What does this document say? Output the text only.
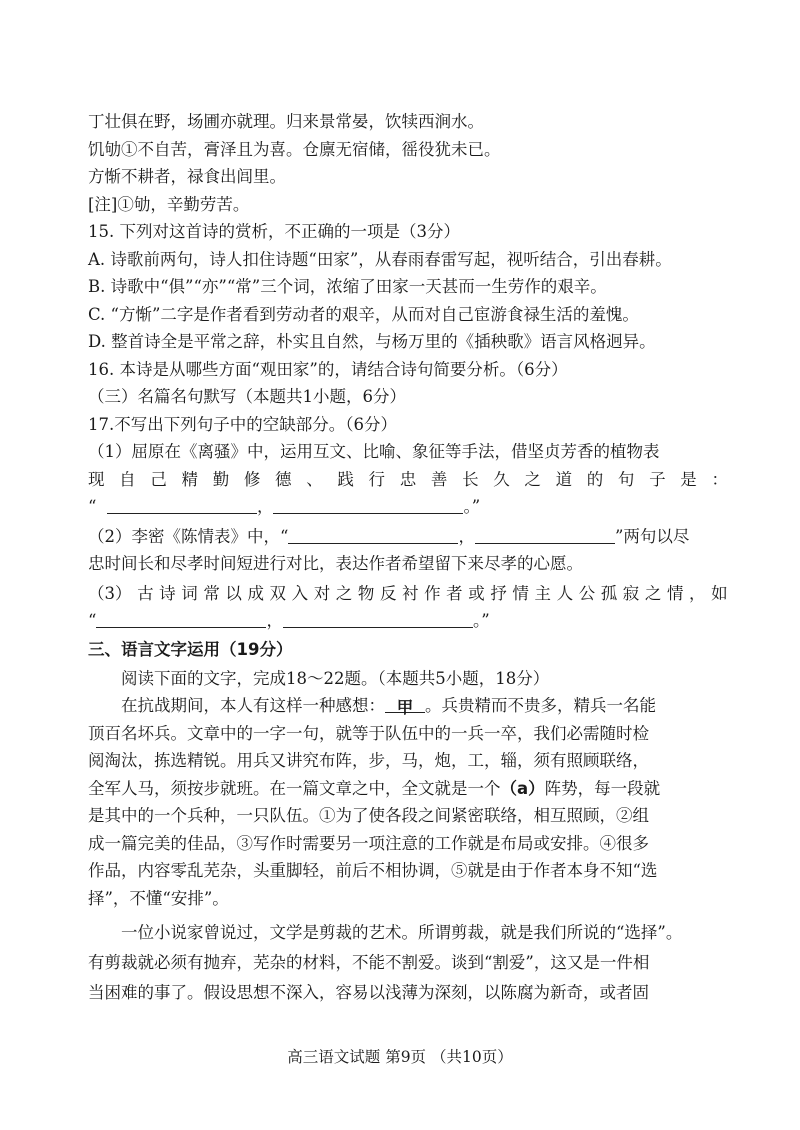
丁壮俱在野，场圃亦就理。归来景常晏，饮犊西涧水。
饥劬①不自苦，膏泽且为喜。仓廪无宿储，徭役犹未已。
方惭不耕者，禄食出闾里。
[注]①劬，辛勤劳苦。
15. 下列对这首诗的赏析，不正确的一项是（3分）
A. 诗歌前两句，诗人扣住诗题“田家”，从春雨春雷写起，视听结合，引出春耕。
B. 诗歌中“俱”“亦”“常”三个词，浓缩了田家一天甚而一生劳作的艰辛。
C. “方惭”二字是作者看到劳动者的艰辛，从而对自己宦游食禄生活的羞愧。
D. 整首诗全是平常之辞，朴实且自然，与杨万里的《插秧歌》语言风格迥异。
16. 本诗是从哪些方面“观田家”的，请结合诗句简要分析。（6分）
（三）名篇名句默写（本题共1小题，6分）
17.不写出下列句子中的空缺部分。（6分）
（1）屈原在《离骚》中，运用互文、比喻、象征等手法，借坚贞芳香的植物表
现 自 己 精 勤 修 德 、 践 行 忠 善 长 久 之 道 的 句 子 是 ：
“	，	。”
（2）李密《陈情表》中，“	，	”两句以尽
忠时间长和尽孝时间短进行对比，表达作者希望留下来尽孝的心愿。
（3） 古 诗 词 常 以 成 双 入 对 之 物 反 衬 作 者 或 抒 情 主 人 公 孤 寂 之 情 ， 如
“	，	。”
三、语言文字运用（19分）
阅读下面的文字，完成18～22题。（本题共5小题，18分）
在抗战期间，本人有这样一种感想： 甲 。兵贵精而不贵多，精兵一名能
顶百名坏兵。文章中的一字一句，就等于队伍中的一兵一卒，我们必需随时检
阅淘汰，拣选精锐。用兵又讲究布阵，步，马，炮，工，辎，须有照顾联络，
全军人马，须按步就班。在一篇文章之中，全文就是一个（a）阵势，每一段就
是其中的一个兵种，一只队伍。①为了使各段之间紧密联络，相互照顾，②组
成一篇完美的佳品，③写作时需要另一项注意的工作就是布局或安排。④很多
作品，内容零乱芜杂，头重脚轻，前后不相协调，⑤就是由于作者本身不知“选
择”，不懂“安排”。
一位小说家曾说过，文学是剪裁的艺术。所谓剪裁，就是我们所说的“选择”。
有剪裁就必须有抛弃，芜杂的材料，不能不割爱。谈到“割爱”，这又是一件相
当困难的事了。假设思想不深入，容易以浅薄为深刻，以陈腐为新奇，或者固
高三语文试题 第9页 （共10页）
